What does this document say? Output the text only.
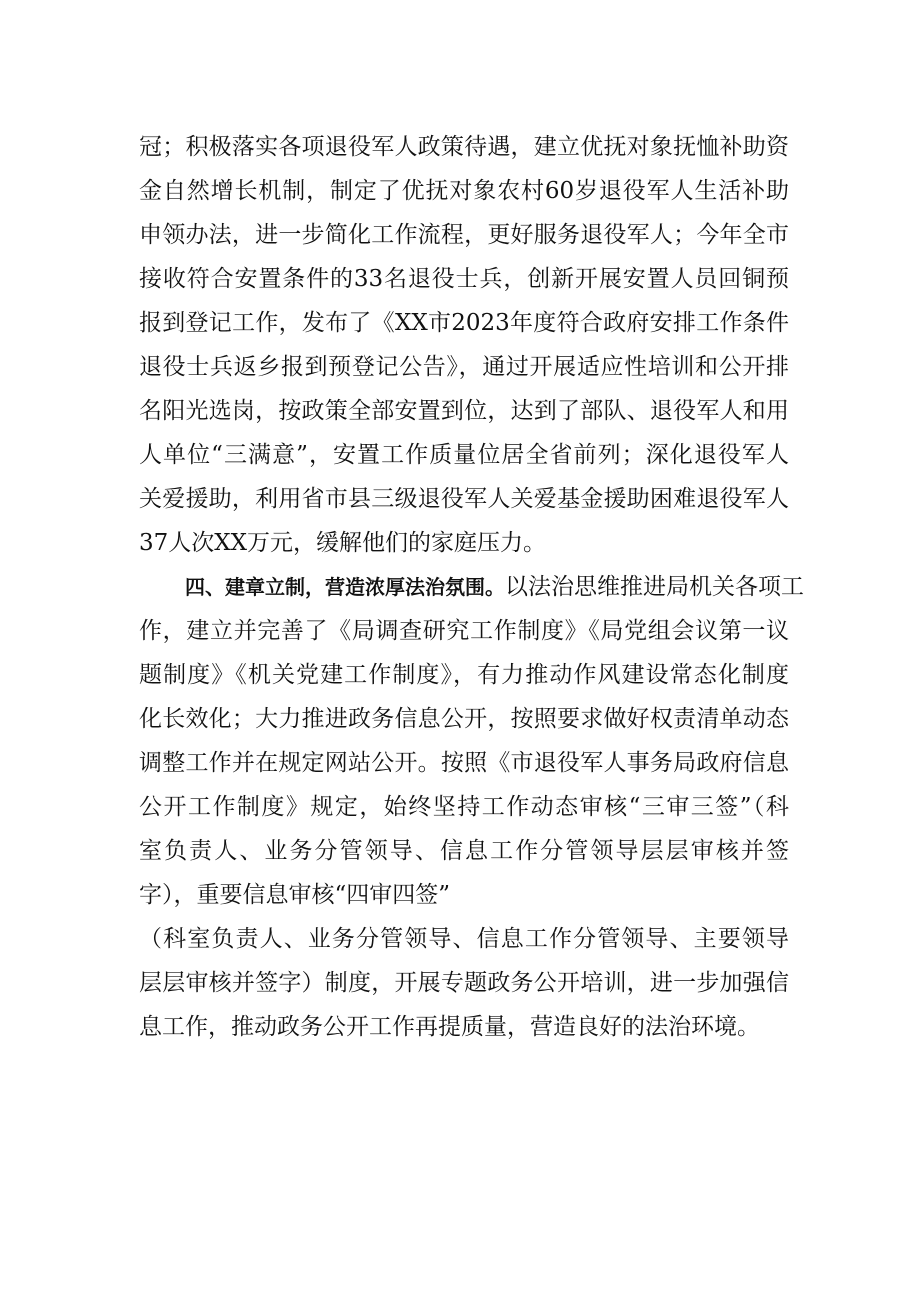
冠；积极落实各项退役军人政策待遇，建立优抚对象抚恤补助资
金自然增长机制，制定了优抚对象农村60岁退役军人生活补助
申领办法，进一步简化工作流程，更好服务退役军人；今年全市
接收符合安置条件的33名退役士兵，创新开展安置人员回铜预
报到登记工作，发布了《XX市2023年度符合政府安排工作条件
退役士兵返乡报到预登记公告》，通过开展适应性培训和公开排
名阳光选岗，按政策全部安置到位，达到了部队、退役军人和用
人单位“三满意”，安置工作质量位居全省前列；深化退役军人
关爱援助，利用省市县三级退役军人关爱基金援助困难退役军人
37人次XX万元，缓解他们的家庭压力。
四、建章立制，营造浓厚法治氛围。以法治思维推进局机关各项工
作，建立并完善了《局调查研究工作制度》《局党组会议第一议
题制度》《机关党建工作制度》，有力推动作风建设常态化制度
化长效化；大力推进政务信息公开，按照要求做好权责清单动态
调整工作并在规定网站公开。按照《市退役军人事务局政府信息
公开工作制度》规定，始终坚持工作动态审核“三审三签”（科
室负责人、业务分管领导、信息工作分管领导层层审核并签
字），重要信息审核“四审四签”
（科室负责人、业务分管领导、信息工作分管领导、主要领导
层层审核并签字）制度，开展专题政务公开培训，进一步加强信
息工作，推动政务公开工作再提质量，营造良好的法治环境。
